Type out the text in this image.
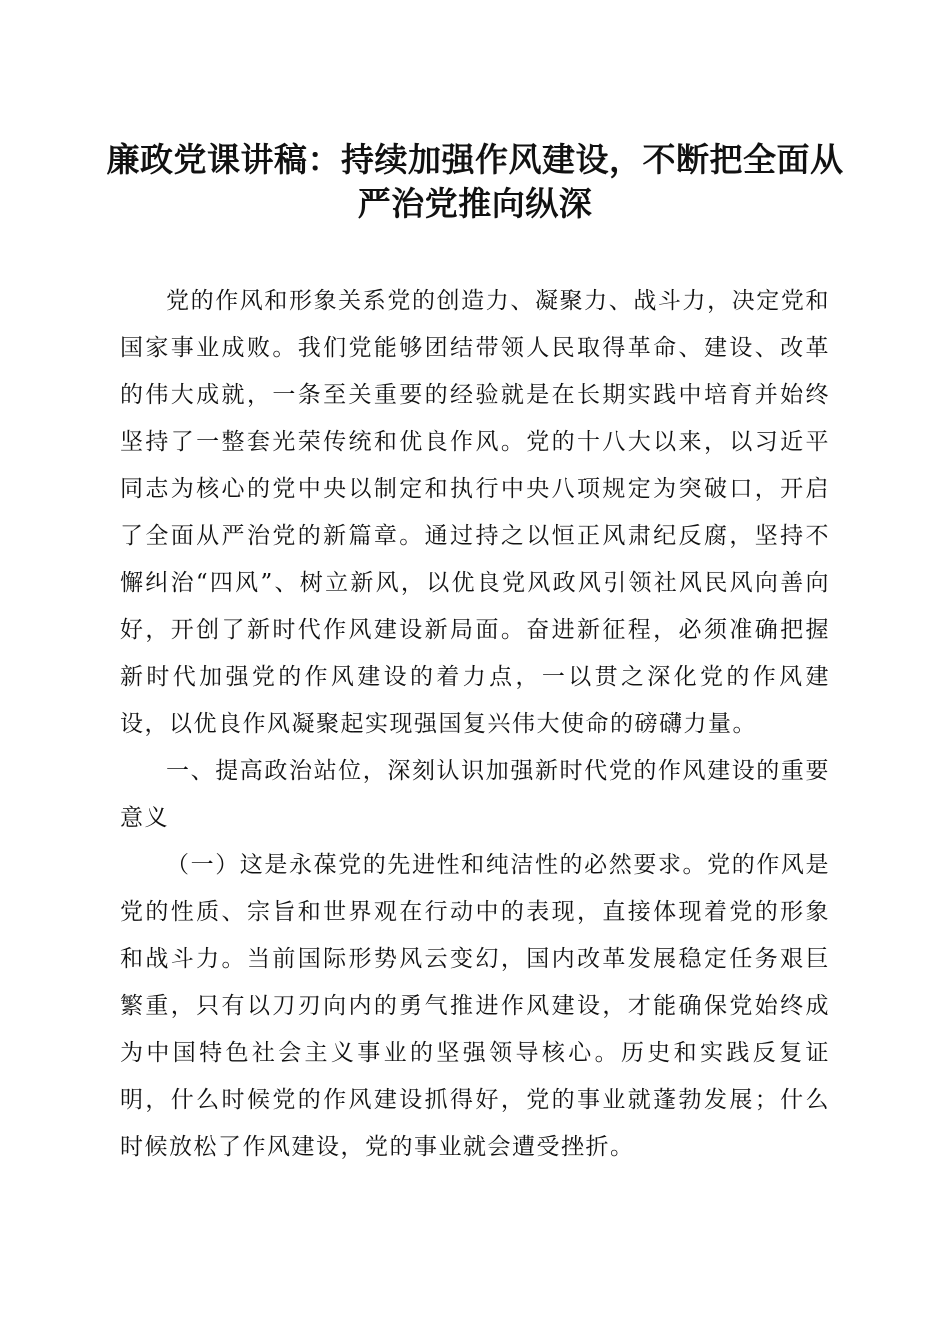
廉政党课讲稿：持续加强作风建设，不断把全面从严治党推向纵深

党的作风和形象关系党的创造力、凝聚力、战斗力，决定党和国家事业成败。我们党能够团结带领人民取得革命、建设、改革的伟大成就，一条至关重要的经验就是在长期实践中培育并始终坚持了一整套光荣传统和优良作风。党的十八大以来，以习近平同志为核心的党中央以制定和执行中央八项规定为突破口，开启了全面从严治党的新篇章。通过持之以恒正风肃纪反腐，坚持不懈纠治“四风”、树立新风，以优良党风政风引领社风民风向善向好，开创了新时代作风建设新局面。奋进新征程，必须准确把握新时代加强党的作风建设的着力点，一以贯之深化党的作风建设，以优良作风凝聚起实现强国复兴伟大使命的磅礴力量。

一、提高政治站位，深刻认识加强新时代党的作风建设的重要意义

（一）这是永葆党的先进性和纯洁性的必然要求。党的作风是党的性质、宗旨和世界观在行动中的表现，直接体现着党的形象和战斗力。当前国际形势风云变幻，国内改革发展稳定任务艰巨繁重，只有以刀刃向内的勇气推进作风建设，才能确保党始终成为中国特色社会主义事业的坚强领导核心。历史和实践反复证明，什么时候党的作风建设抓得好，党的事业就蓬勃发展；什么时候放松了作风建设，党的事业就会遭受挫折。
